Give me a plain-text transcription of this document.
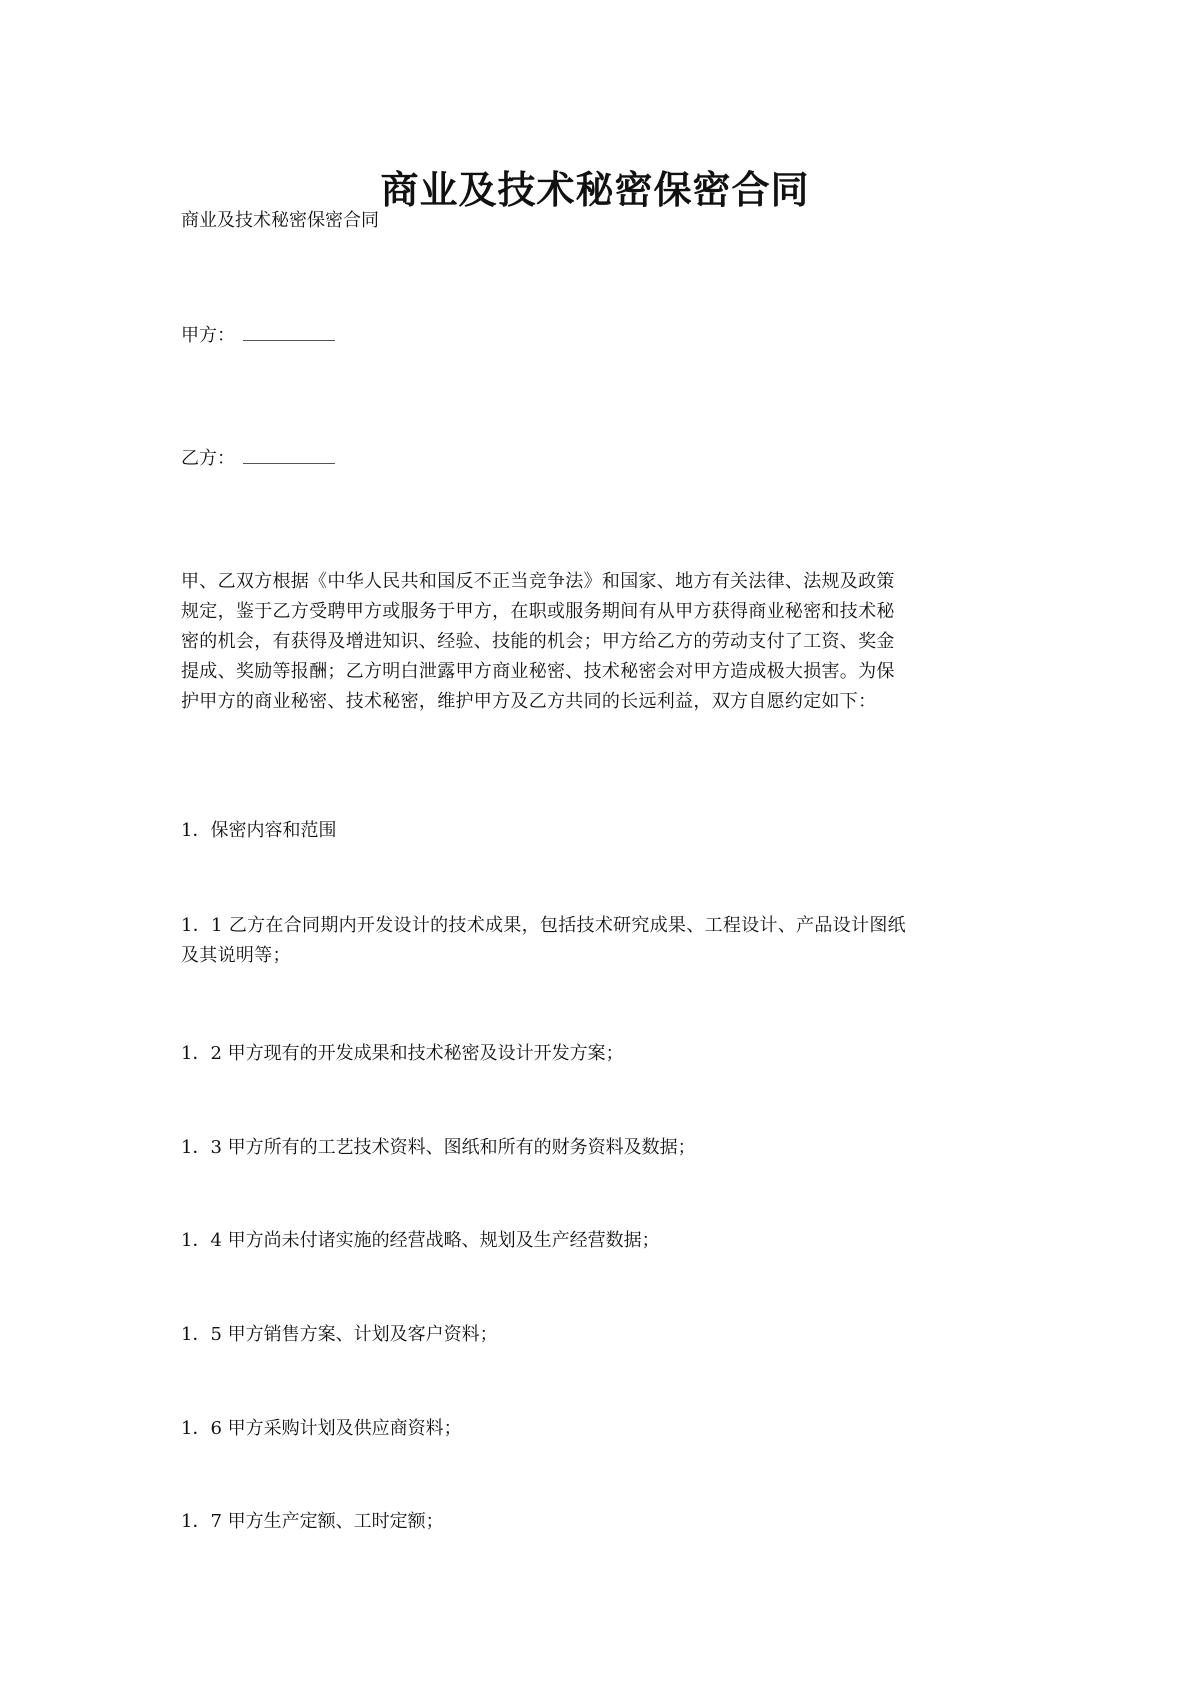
商业及技术秘密保密合同
商业及技术秘密保密合同
甲方：
乙方：
甲、乙双方根据《中华人民共和国反不正当竞争法》和国家、地方有关法律、法规及政策
规定，鉴于乙方受聘甲方或服务于甲方，在职或服务期间有从甲方获得商业秘密和技术秘
密的机会，有获得及增进知识、经验、技能的机会；甲方给乙方的劳动支付了工资、奖金
提成、奖励等报酬；乙方明白泄露甲方商业秘密、技术秘密会对甲方造成极大损害。为保
护甲方的商业秘密、技术秘密，维护甲方及乙方共同的长远利益，双方自愿约定如下：
1．保密内容和范围
1．1 乙方在合同期内开发设计的技术成果，包括技术研究成果、工程设计、产品设计图纸
及其说明等；
1．2 甲方现有的开发成果和技术秘密及设计开发方案；
1．3 甲方所有的工艺技术资料、图纸和所有的财务资料及数据；
1．4 甲方尚未付诸实施的经营战略、规划及生产经营数据；
1．5 甲方销售方案、计划及客户资料；
1．6 甲方采购计划及供应商资料；
1．7 甲方生产定额、工时定额；
